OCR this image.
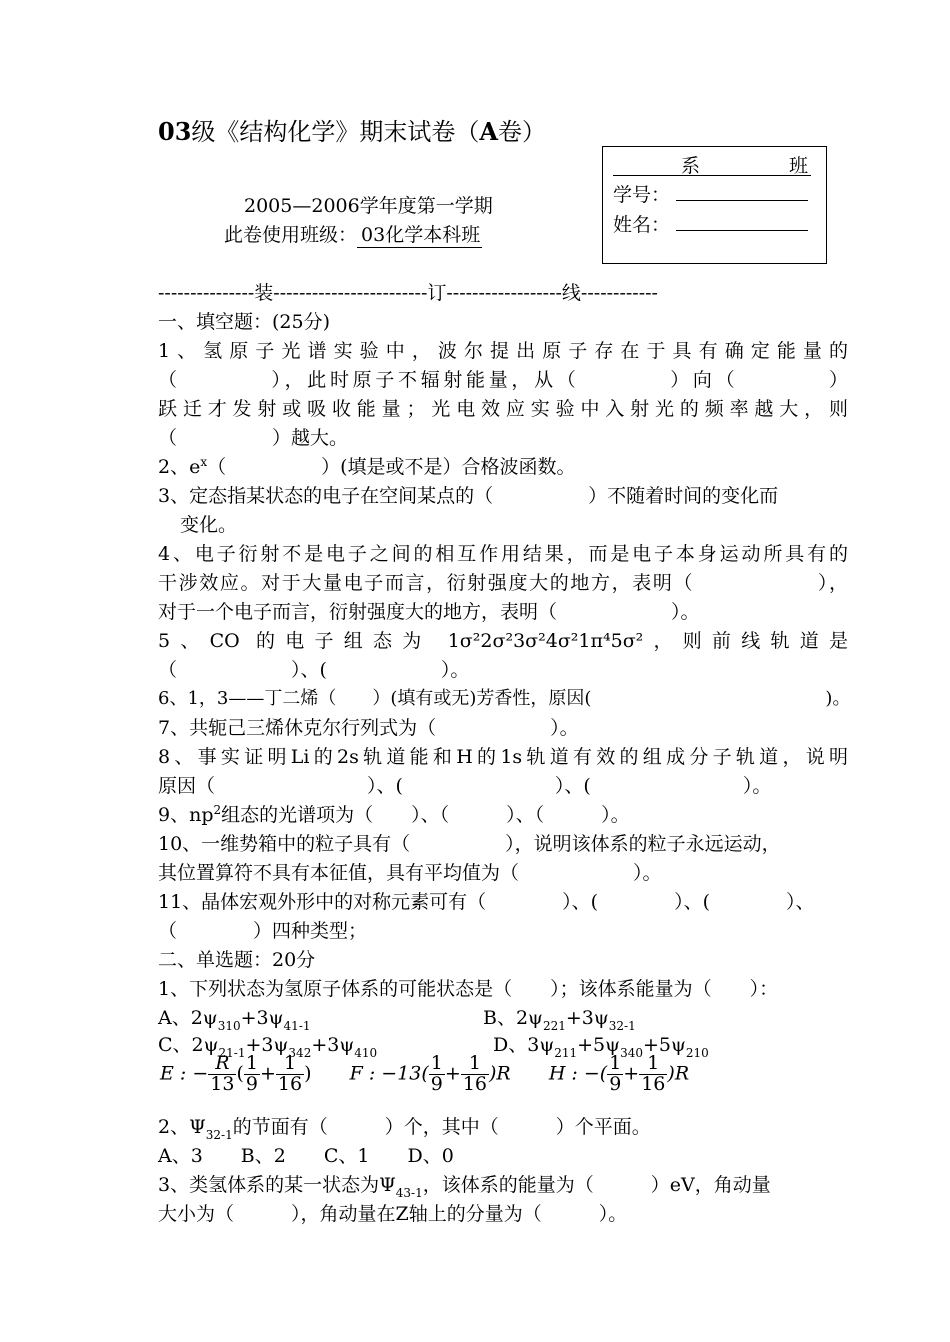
03级《结构化学》期末试卷（A卷）
2005—2006学年度第一学期
此卷使用班级： 03化学本科班
系	班
学号：
姓名：
---------------装------------------------订------------------线------------
一、填空题：(25分)
1、氢原子光谱实验中，波尔提出原子存在于具有确定能量的
（　　　　），此时原子不辐射能量，从（　　　　）向（　　　　）
跃迁才发射或吸收能量；光电效应实验中入射光的频率越大，则
（　　　　　）越大。
2、$e^x$（　　　　　）(填是或不是）合格波函数。
3、定态指某状态的电子在空间某点的（　　　　　）不随着时间的变化而
变化。
4、电子衍射不是电子之间的相互作用结果，而是电子本身运动所具有的
干涉效应。对于大量电子而言，衍射强度大的地方，表明（　　　　　　），
对于一个电子而言，衍射强度大的地方，表明（　　　　　　）。
5、CO 的电子组态为 1σ²2σ²3σ²4σ²1π⁴5σ²，则前线轨道是
（　　　　　　）、(　　　　　　）。
6、1，3——丁二烯（　　）(填有或无)芳香性，原因(　　　　　　　　　　　　　)。
7、共轭己三烯休克尔行列式为（　　　　　　）。
8、事实证明Li的2s轨道能和H的1s轨道有效的组成分子轨道，说明
原因（　　　　　　　　）、(　　　　　　　　）、(　　　　　　　　）。
9、$np^2$组态的光谱项为（　　）、（　　　）、（　　　）。
10、一维势箱中的粒子具有（　　　　　），说明该体系的粒子永远运动，
其位置算符不具有本征值，具有平均值为（　　　　　　）。
11、晶体宏观外形中的对称元素可有（　　　　）、(　　　　）、(　　　　）、
（　　　　）四种类型；
二、单选题：20分
1、下列状态为氢原子体系的可能状态是（　　）；该体系能量为（　　）：
A、$2\psi_{310}+3\psi_{41-1}$	B、$2\psi_{221}+3\psi_{32-1}$
C、$2\psi_{21-1}+3\psi_{342}+3\psi_{410}$	D、$3\psi_{211}+5\psi_{340}+5\psi_{210}$
E : − $\frac{R}{13}$ ( $\frac{1}{9} + \frac{1}{16}$ ) F : $-13( \frac{1}{9} + \frac{1}{16} )R$ H : −( $\frac{1}{9} + \frac{1}{16} )R$
2、$\Psi_{32-1}$的节面有（　　　）个，其中（　　　）个平面。
A、3　　B、2　　C、1　　D、0
3、类氢体系的某一状态为$\Psi_{43-1}$，该体系的能量为（　　　）eV，角动量
大小为（　　　），角动量在Z轴上的分量为（　　　）。
